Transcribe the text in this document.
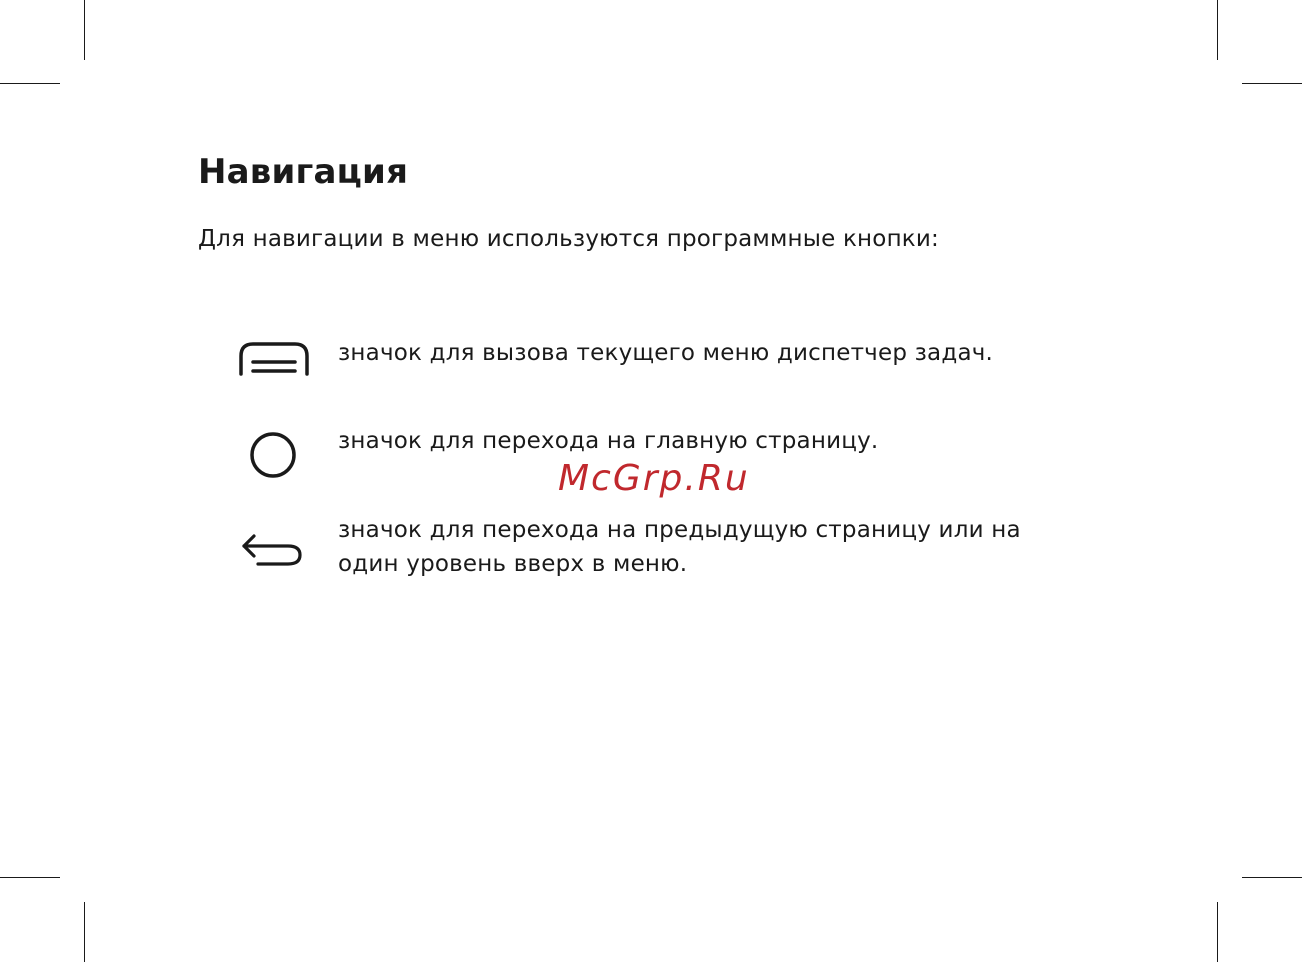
Навигация
Для навигации в меню используются программные кнопки:
значок для вызова текущего меню диспетчер задач.
значок для перехода на главную страницу.
значок для перехода на предыдущую страницу или на
один уровень вверх в меню.
McGrp.Ru
